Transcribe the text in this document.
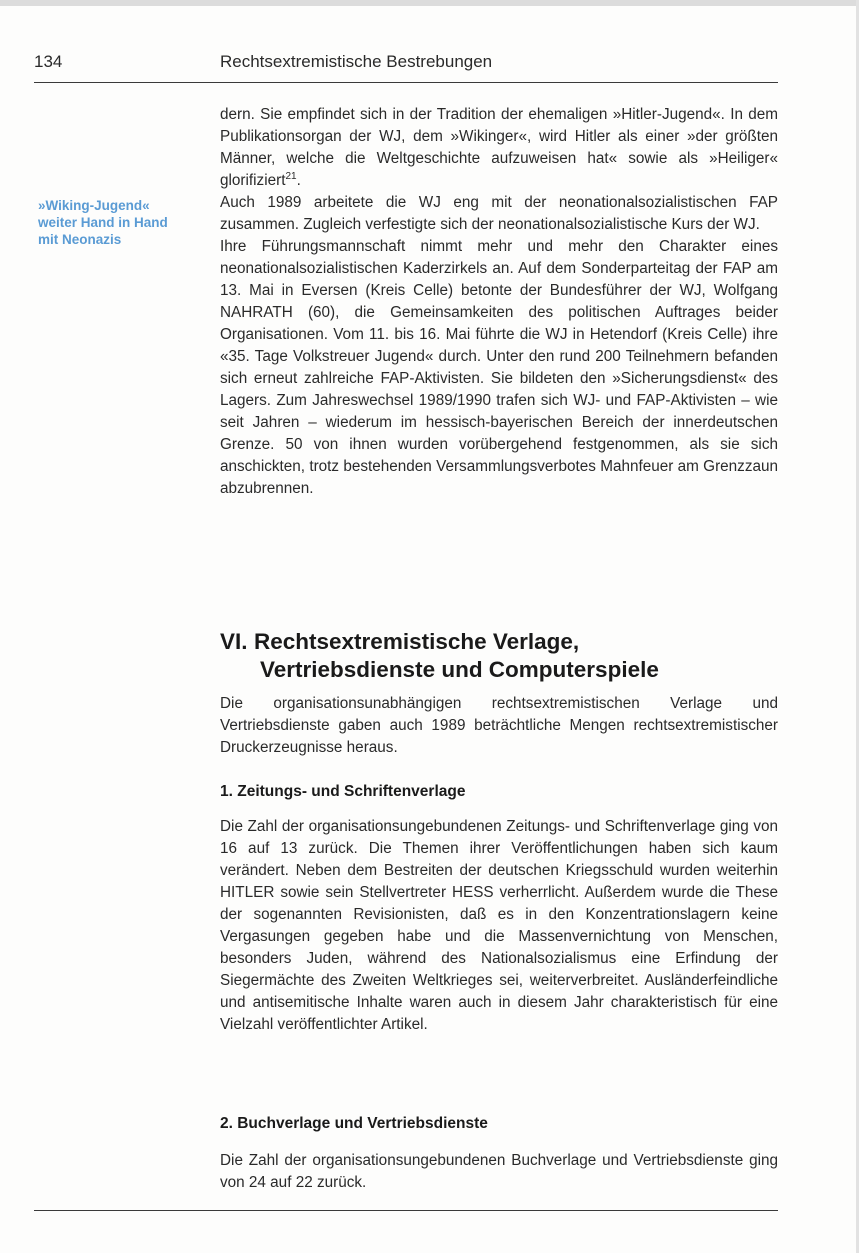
134	Rechtsextremistische Bestrebungen

»Wiking-Jugend« weiter Hand in Hand mit Neonazis

dern. Sie empfindet sich in der Tradition der ehemaligen »Hitler-Jugend«. In dem Publikationsorgan der WJ, dem »Wikinger«, wird Hitler als einer »der größten Männer, welche die Weltgeschichte aufzuweisen hat« sowie als »Heiliger« glorifiziert$^{21}$.

Auch 1989 arbeitete die WJ eng mit der neonationalsozialistischen FAP zusammen. Zugleich verfestigte sich der neonationalsozialistische Kurs der WJ.

Ihre Führungsmannschaft nimmt mehr und mehr den Charakter eines neonationalsozialistischen Kaderzirkels an. Auf dem Sonderparteitag der FAP am 13. Mai in Eversen (Kreis Celle) betonte der Bundesführer der WJ, Wolfgang NAHRATH (60), die Gemeinsamkeiten des politischen Auftrages beider Organisationen. Vom 11. bis 16. Mai führte die WJ in Hetendorf (Kreis Celle) ihre «35. Tage Volkstreuer Jugend« durch. Unter den rund 200 Teilnehmern befanden sich erneut zahlreiche FAP-Aktivisten. Sie bildeten den »Sicherungsdienst« des Lagers. Zum Jahreswechsel 1989/1990 trafen sich WJ- und FAP-Aktivisten – wie seit Jahren – wiederum im hessisch-bayerischen Bereich der innerdeutschen Grenze. 50 von ihnen wurden vorübergehend festgenommen, als sie sich anschickten, trotz bestehenden Versammlungsverbotes Mahnfeuer am Grenzzaun abzubrennen.

VI. Rechtsextremistische Verlage,
Vertriebsdienste und Computerspiele

Die organisationsunabhängigen rechtsextremistischen Verlage und Vertriebsdienste gaben auch 1989 beträchtliche Mengen rechtsextremistischer Druckerzeugnisse heraus.

1. Zeitungs- und Schriftenverlage

Die Zahl der organisationsungebundenen Zeitungs- und Schriftenverlage ging von 16 auf 13 zurück. Die Themen ihrer Veröffentlichungen haben sich kaum verändert. Neben dem Bestreiten der deutschen Kriegsschuld wurden weiterhin HITLER sowie sein Stellvertreter HESS verherrlicht. Außerdem wurde die These der sogenannten Revisionisten, daß es in den Konzentrationslagern keine Vergasungen gegeben habe und die Massenvernichtung von Menschen, besonders Juden, während des Nationalsozialismus eine Erfindung der Siegermächte des Zweiten Weltkrieges sei, weiterverbreitet. Ausländerfeindliche und antisemitische Inhalte waren auch in diesem Jahr charakteristisch für eine Vielzahl veröffentlichter Artikel.

2. Buchverlage und Vertriebsdienste

Die Zahl der organisationsungebundenen Buchverlage und Vertriebsdienste ging von 24 auf 22 zurück.
